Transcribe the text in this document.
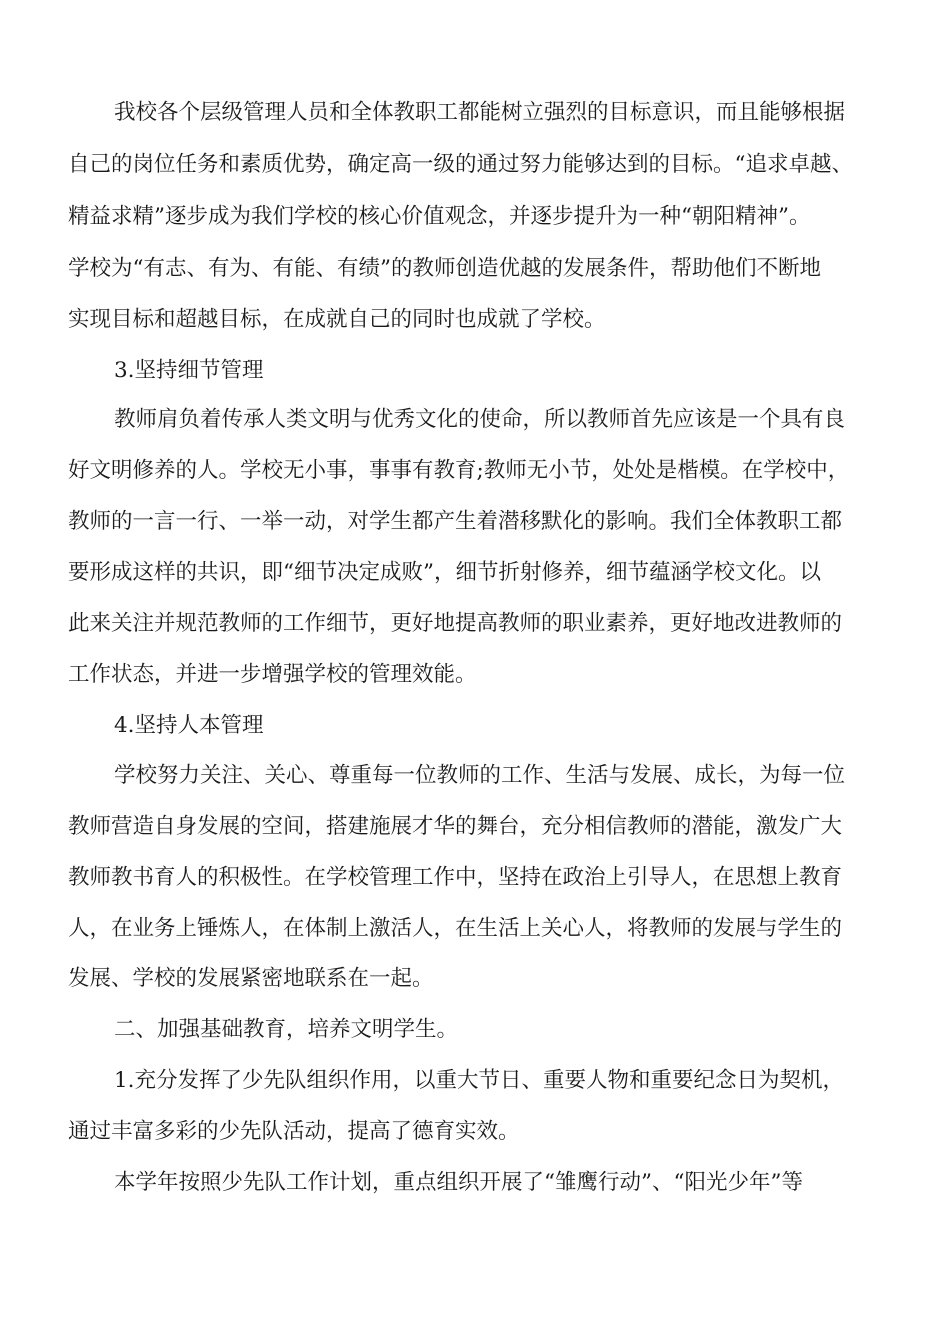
我校各个层级管理人员和全体教职工都能树立强烈的目标意识，而且能够根据
自己的岗位任务和素质优势，确定高一级的通过努力能够达到的目标。“追求卓越、
精益求精”逐步成为我们学校的核心价值观念，并逐步提升为一种“朝阳精神”。
学校为“有志、有为、有能、有绩”的教师创造优越的发展条件，帮助他们不断地
实现目标和超越目标，在成就自己的同时也成就了学校。
3.坚持细节管理
教师肩负着传承人类文明与优秀文化的使命，所以教师首先应该是一个具有良
好文明修养的人。学校无小事，事事有教育;教师无小节，处处是楷模。在学校中，
教师的一言一行、一举一动，对学生都产生着潜移默化的影响。我们全体教职工都
要形成这样的共识，即“细节决定成败”，细节折射修养，细节蕴涵学校文化。以
此来关注并规范教师的工作细节，更好地提高教师的职业素养，更好地改进教师的
工作状态，并进一步增强学校的管理效能。
4.坚持人本管理
学校努力关注、关心、尊重每一位教师的工作、生活与发展、成长，为每一位
教师营造自身发展的空间，搭建施展才华的舞台，充分相信教师的潜能，激发广大
教师教书育人的积极性。在学校管理工作中，坚持在政治上引导人，在思想上教育
人，在业务上锤炼人，在体制上激活人，在生活上关心人，将教师的发展与学生的
发展、学校的发展紧密地联系在一起。
二、加强基础教育，培养文明学生。
1.充分发挥了少先队组织作用，以重大节日、重要人物和重要纪念日为契机，
通过丰富多彩的少先队活动，提高了德育实效。
本学年按照少先队工作计划，重点组织开展了“雏鹰行动”、“阳光少年”等
